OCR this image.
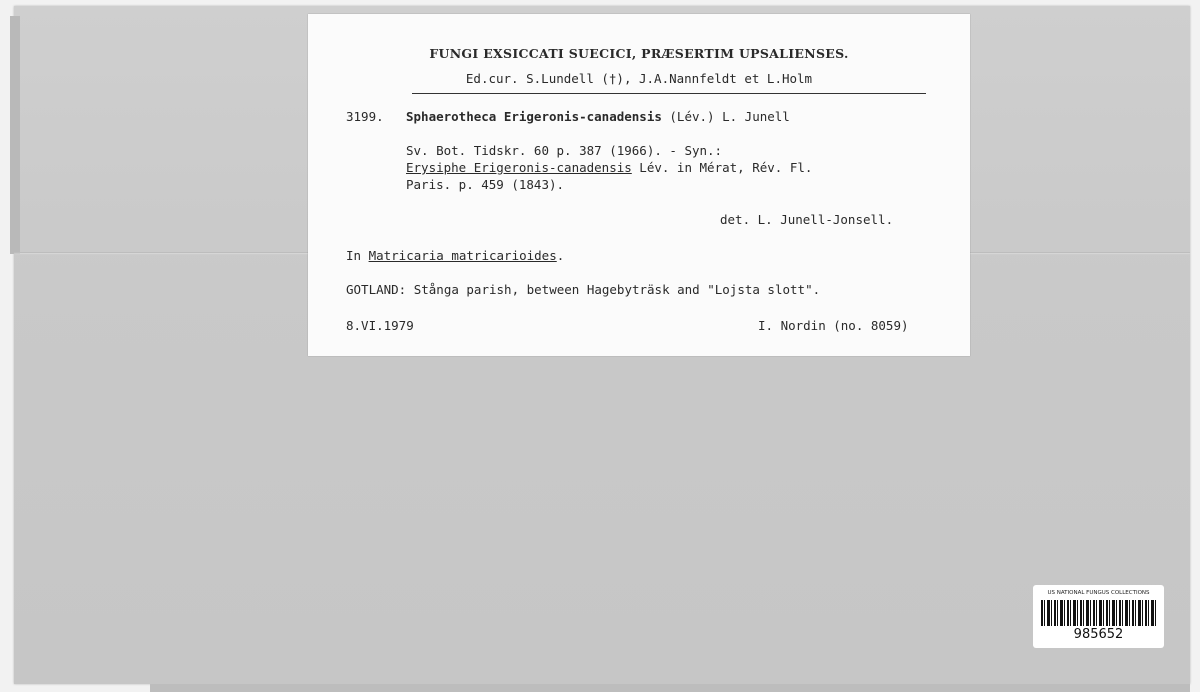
FUNGI EXSICCATI SUECICI, PRÆSERTIM UPSALIENSES.
Ed.cur. S.Lundell (†), J.A.Nannfeldt et L.Holm
3199. Sphaerotheca Erigeronis-canadensis (Lév.) L. Junell
Sv. Bot. Tidskr. 60 p. 387 (1966). - Syn.:
Erysiphe Erigeronis-canadensis Lév. in Mérat, Rév. Fl.
Paris. p. 459 (1843).
det. L. Junell-Jonsell.
In Matricaria matricarioides.
GOTLAND: Stånga parish, between Hagebyträsk and "Lojsta slott".
8.VI.1979	I. Nordin (no. 8059)
US NATIONAL FUNGUS COLLECTIONS
985652
